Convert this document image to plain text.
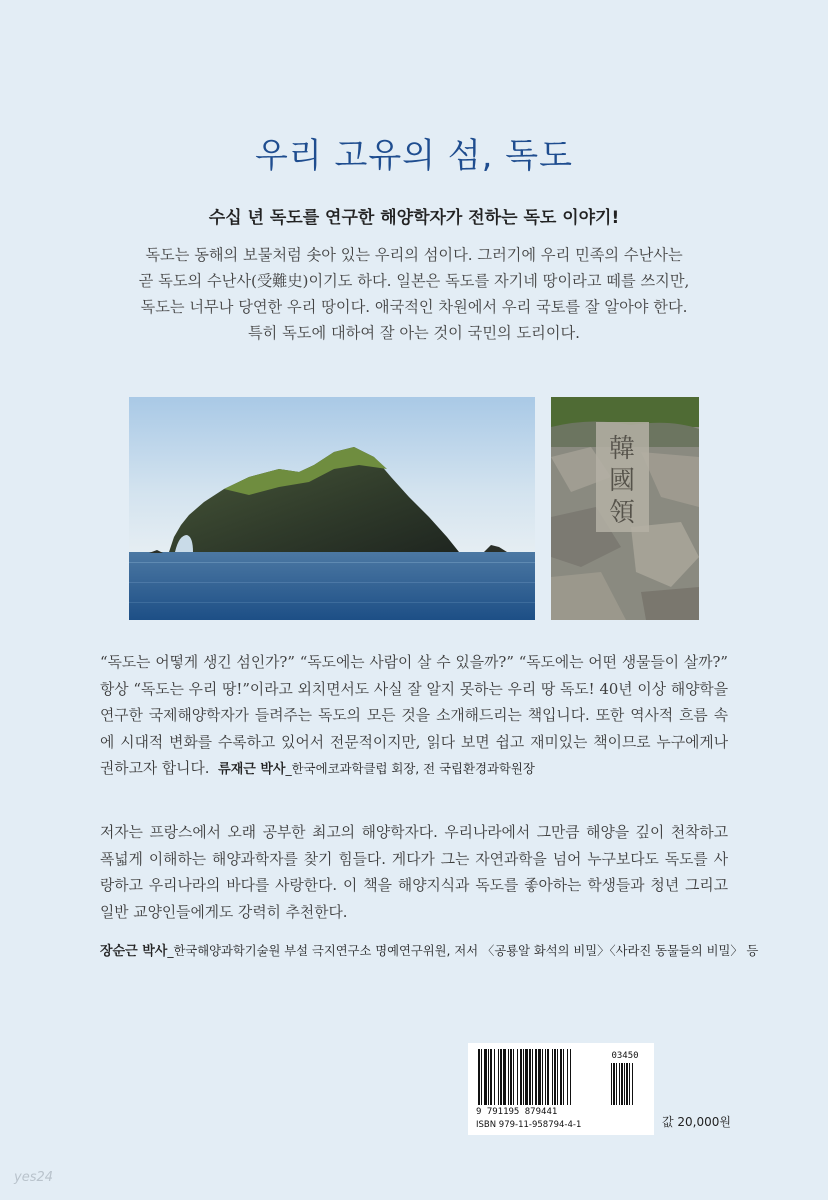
우리 고유의 섬, 독도
수십 년 독도를 연구한 해양학자가 전하는 독도 이야기!
독도는 동해의 보물처럼 솟아 있는 우리의 섬이다. 그러기에 우리 민족의 수난사는
곧 독도의 수난사(受難史)이기도 하다. 일본은 독도를 자기네 땅이라고 떼를 쓰지만,
독도는 너무나 당연한 우리 땅이다. 애국적인 차원에서 우리 국토를 잘 알아야 한다.
특히 독도에 대하여 잘 아는 것이 국민의 도리이다.
韓
國
領
“독도는 어떻게 생긴 섬인가?” “독도에는 사람이 살 수 있을까?” “독도에는 어떤 생물들이 살까?” 항상 “독도는 우리 땅!”이라고 외치면서도 사실 잘 알지 못하는 우리 땅 독도! 40년 이상 해양학을 연구한 국제해양학자가 들려주는 독도의 모든 것을 소개해드리는 책입니다. 또한 역사적 흐름 속에 시대적 변화를 수록하고 있어서 전문적이지만, 읽다 보면 쉽고 재미있는 책이므로 누구에게나 권하고자 합니다. 류재근 박사_한국에코과학클럽 회장, 전 국립환경과학원장
저자는 프랑스에서 오래 공부한 최고의 해양학자다. 우리나라에서 그만큼 해양을 깊이 천착하고 폭넓게 이해하는 해양과학자를 찾기 힘들다. 게다가 그는 자연과학을 넘어 누구보다도 독도를 사랑하고 우리나라의 바다를 사랑한다. 이 책을 해양지식과 독도를 좋아하는 학생들과 청년 그리고 일반 교양인들에게도 강력히 추천한다.
장순근 박사_한국해양과학기술원 부설 극지연구소 명예연구위원, 저서 〈공룡알 화석의 비밀〉〈사라진 동물들의 비밀〉 등
03450
9 791195 879441
ISBN 979-11-958794-4-1	값 20,000원
yes24
